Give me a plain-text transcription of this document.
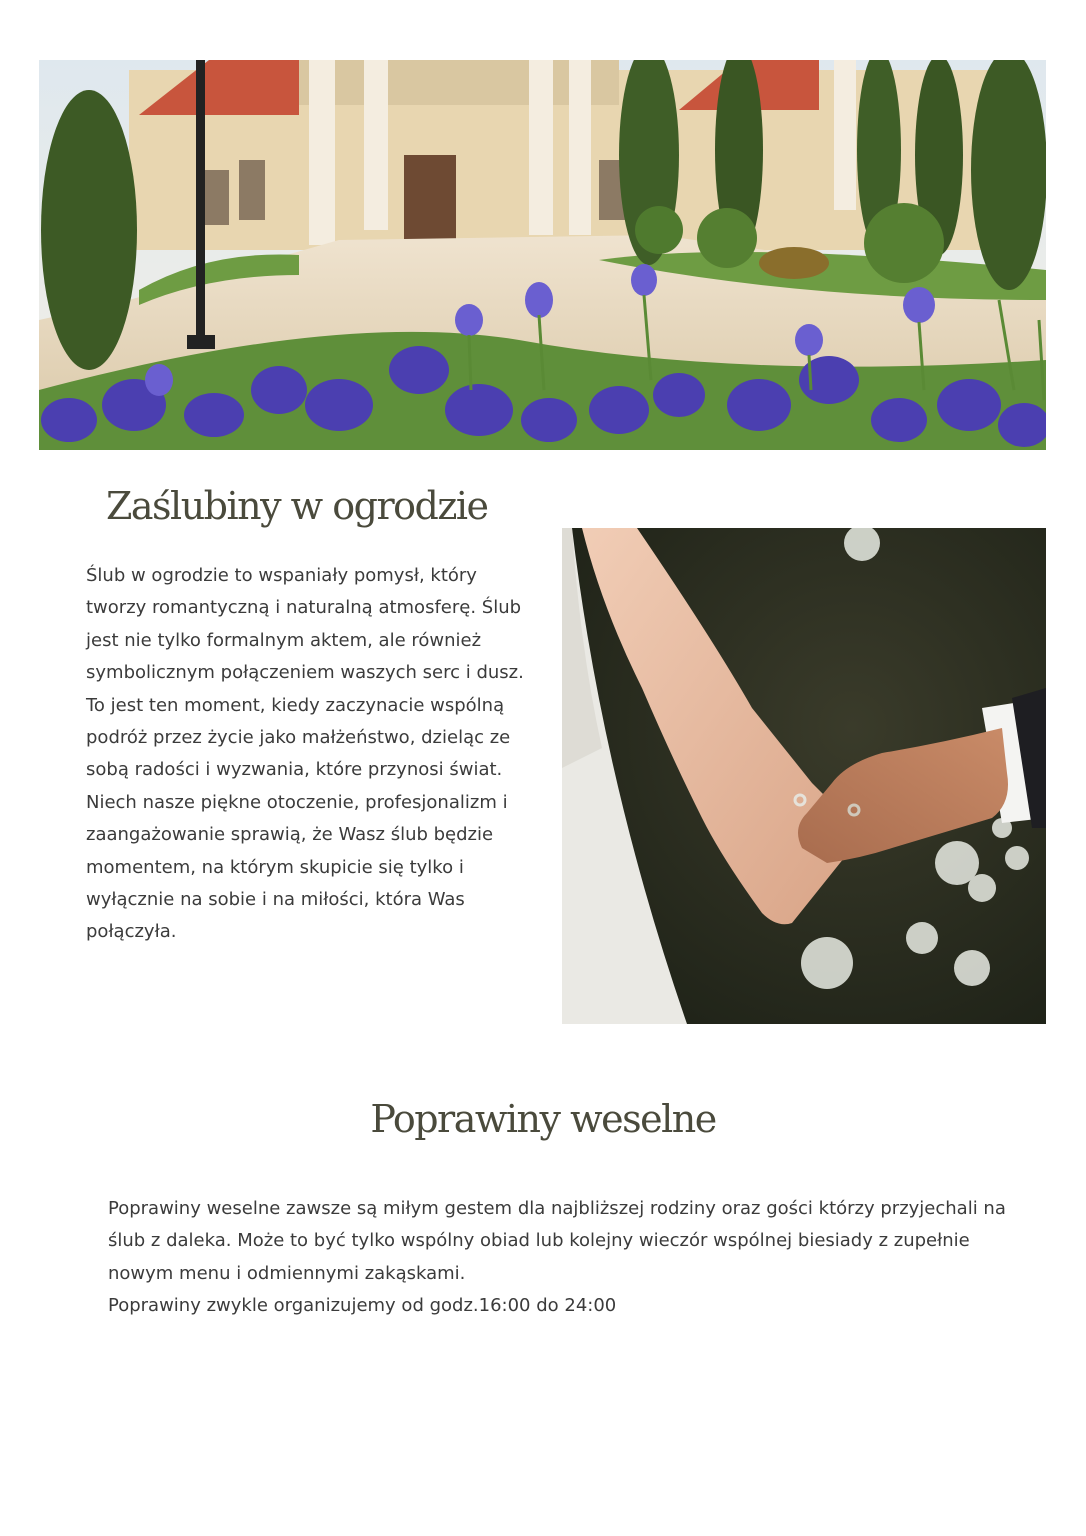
Zaślubiny w ogrodzie

Ślub w ogrodzie to wspaniały pomysł, który tworzy romantyczną i naturalną atmosferę. Ślub jest nie tylko formalnym aktem, ale również symbolicznym połączeniem waszych serc i dusz. To jest ten moment, kiedy zaczynacie wspólną podróż przez życie jako małżeństwo, dzieląc ze sobą radości i wyzwania, które przynosi świat.

Niech nasze piękne otoczenie, profesjonalizm i zaangażowanie sprawią, że Wasz ślub będzie momentem, na którym skupicie się tylko i wyłącznie na sobie i na miłości, która Was połączyła.

Poprawiny weselne

Poprawiny weselne zawsze są miłym gestem dla najbliższej rodziny oraz gości którzy przyjechali na ślub z daleka. Może to być tylko wspólny obiad lub kolejny wieczór wspólnej biesiady z zupełnie nowym menu i odmiennymi zakąskami.

Poprawiny zwykle organizujemy od godz.16:00 do 24:00
